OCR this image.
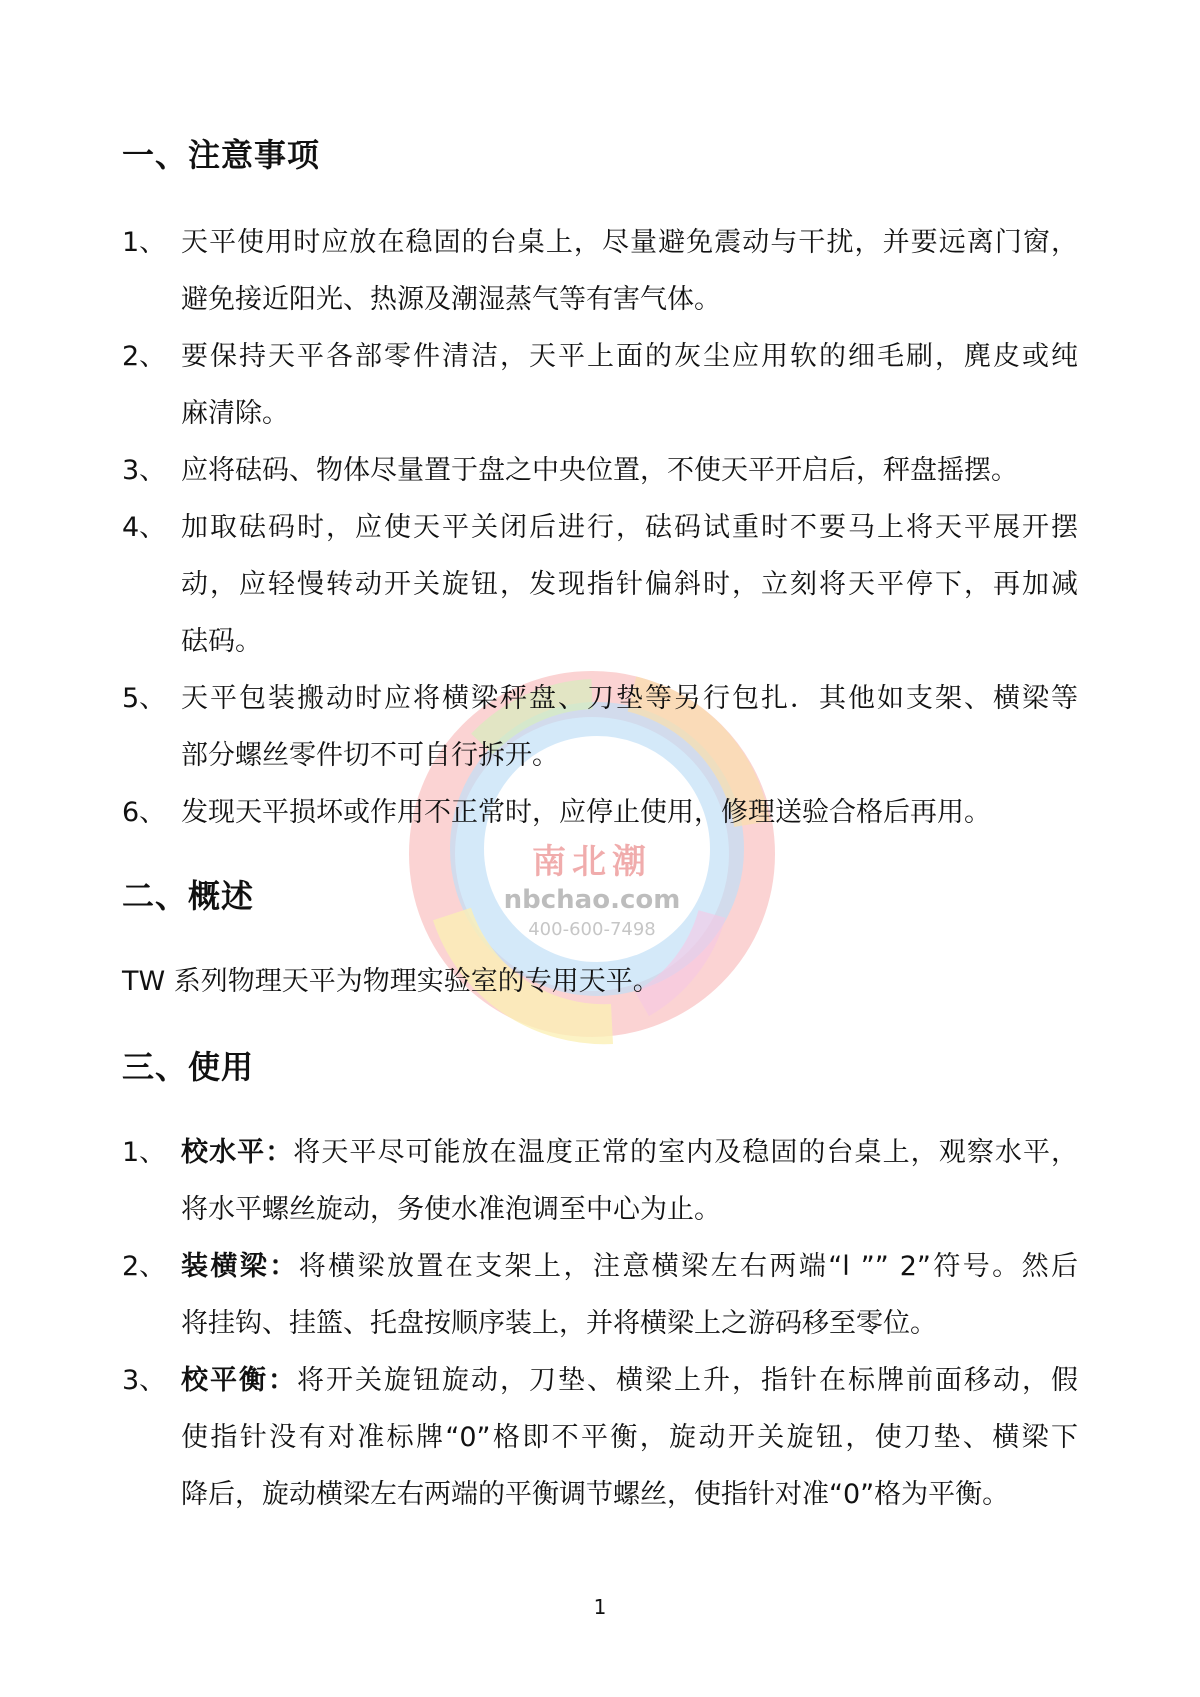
南北潮
nbchao.com
400-600-7498
一、注意事项
1、 天平使用时应放在稳固的台桌上，尽量避免震动与干扰，并要远离门窗，
避免接近阳光、热源及潮湿蒸气等有害气体。
2、 要保持天平各部零件清洁，天平上面的灰尘应用软的细毛刷，麂皮或纯
麻清除。
3、 应将砝码、物体尽量置于盘之中央位置，不使天平开启后，秤盘摇摆。
4、 加取砝码时，应使天平关闭后进行，砝码试重时不要马上将天平展开摆
动，应轻慢转动开关旋钮，发现指针偏斜时，立刻将天平停下，再加减
砝码。
5、 天平包装搬动时应将横梁秤盘、刀垫等另行包扎．其他如支架、横梁等
部分螺丝零件切不可自行拆开。
6、 发现天平损坏或作用不正常时，应停止使用，修理送验合格后再用。
二、概述
TW 系列物理天平为物理实验室的专用天平。
三、使用
1、 校水平：将天平尽可能放在温度正常的室内及稳固的台桌上，观察水平，
将水平螺丝旋动，务使水准泡调至中心为止。
2、 装横梁：将横梁放置在支架上，注意横梁左右两端“l ”” 2”符号。然后
将挂钩、挂篮、托盘按顺序装上，并将横梁上之游码移至零位。
3、 校平衡：将开关旋钮旋动，刀垫、横梁上升，指针在标牌前面移动，假
使指针没有对准标牌“0”格即不平衡，旋动开关旋钮，使刀垫、横梁下
降后，旋动横梁左右两端的平衡调节螺丝，使指针对准“0”格为平衡。
1
